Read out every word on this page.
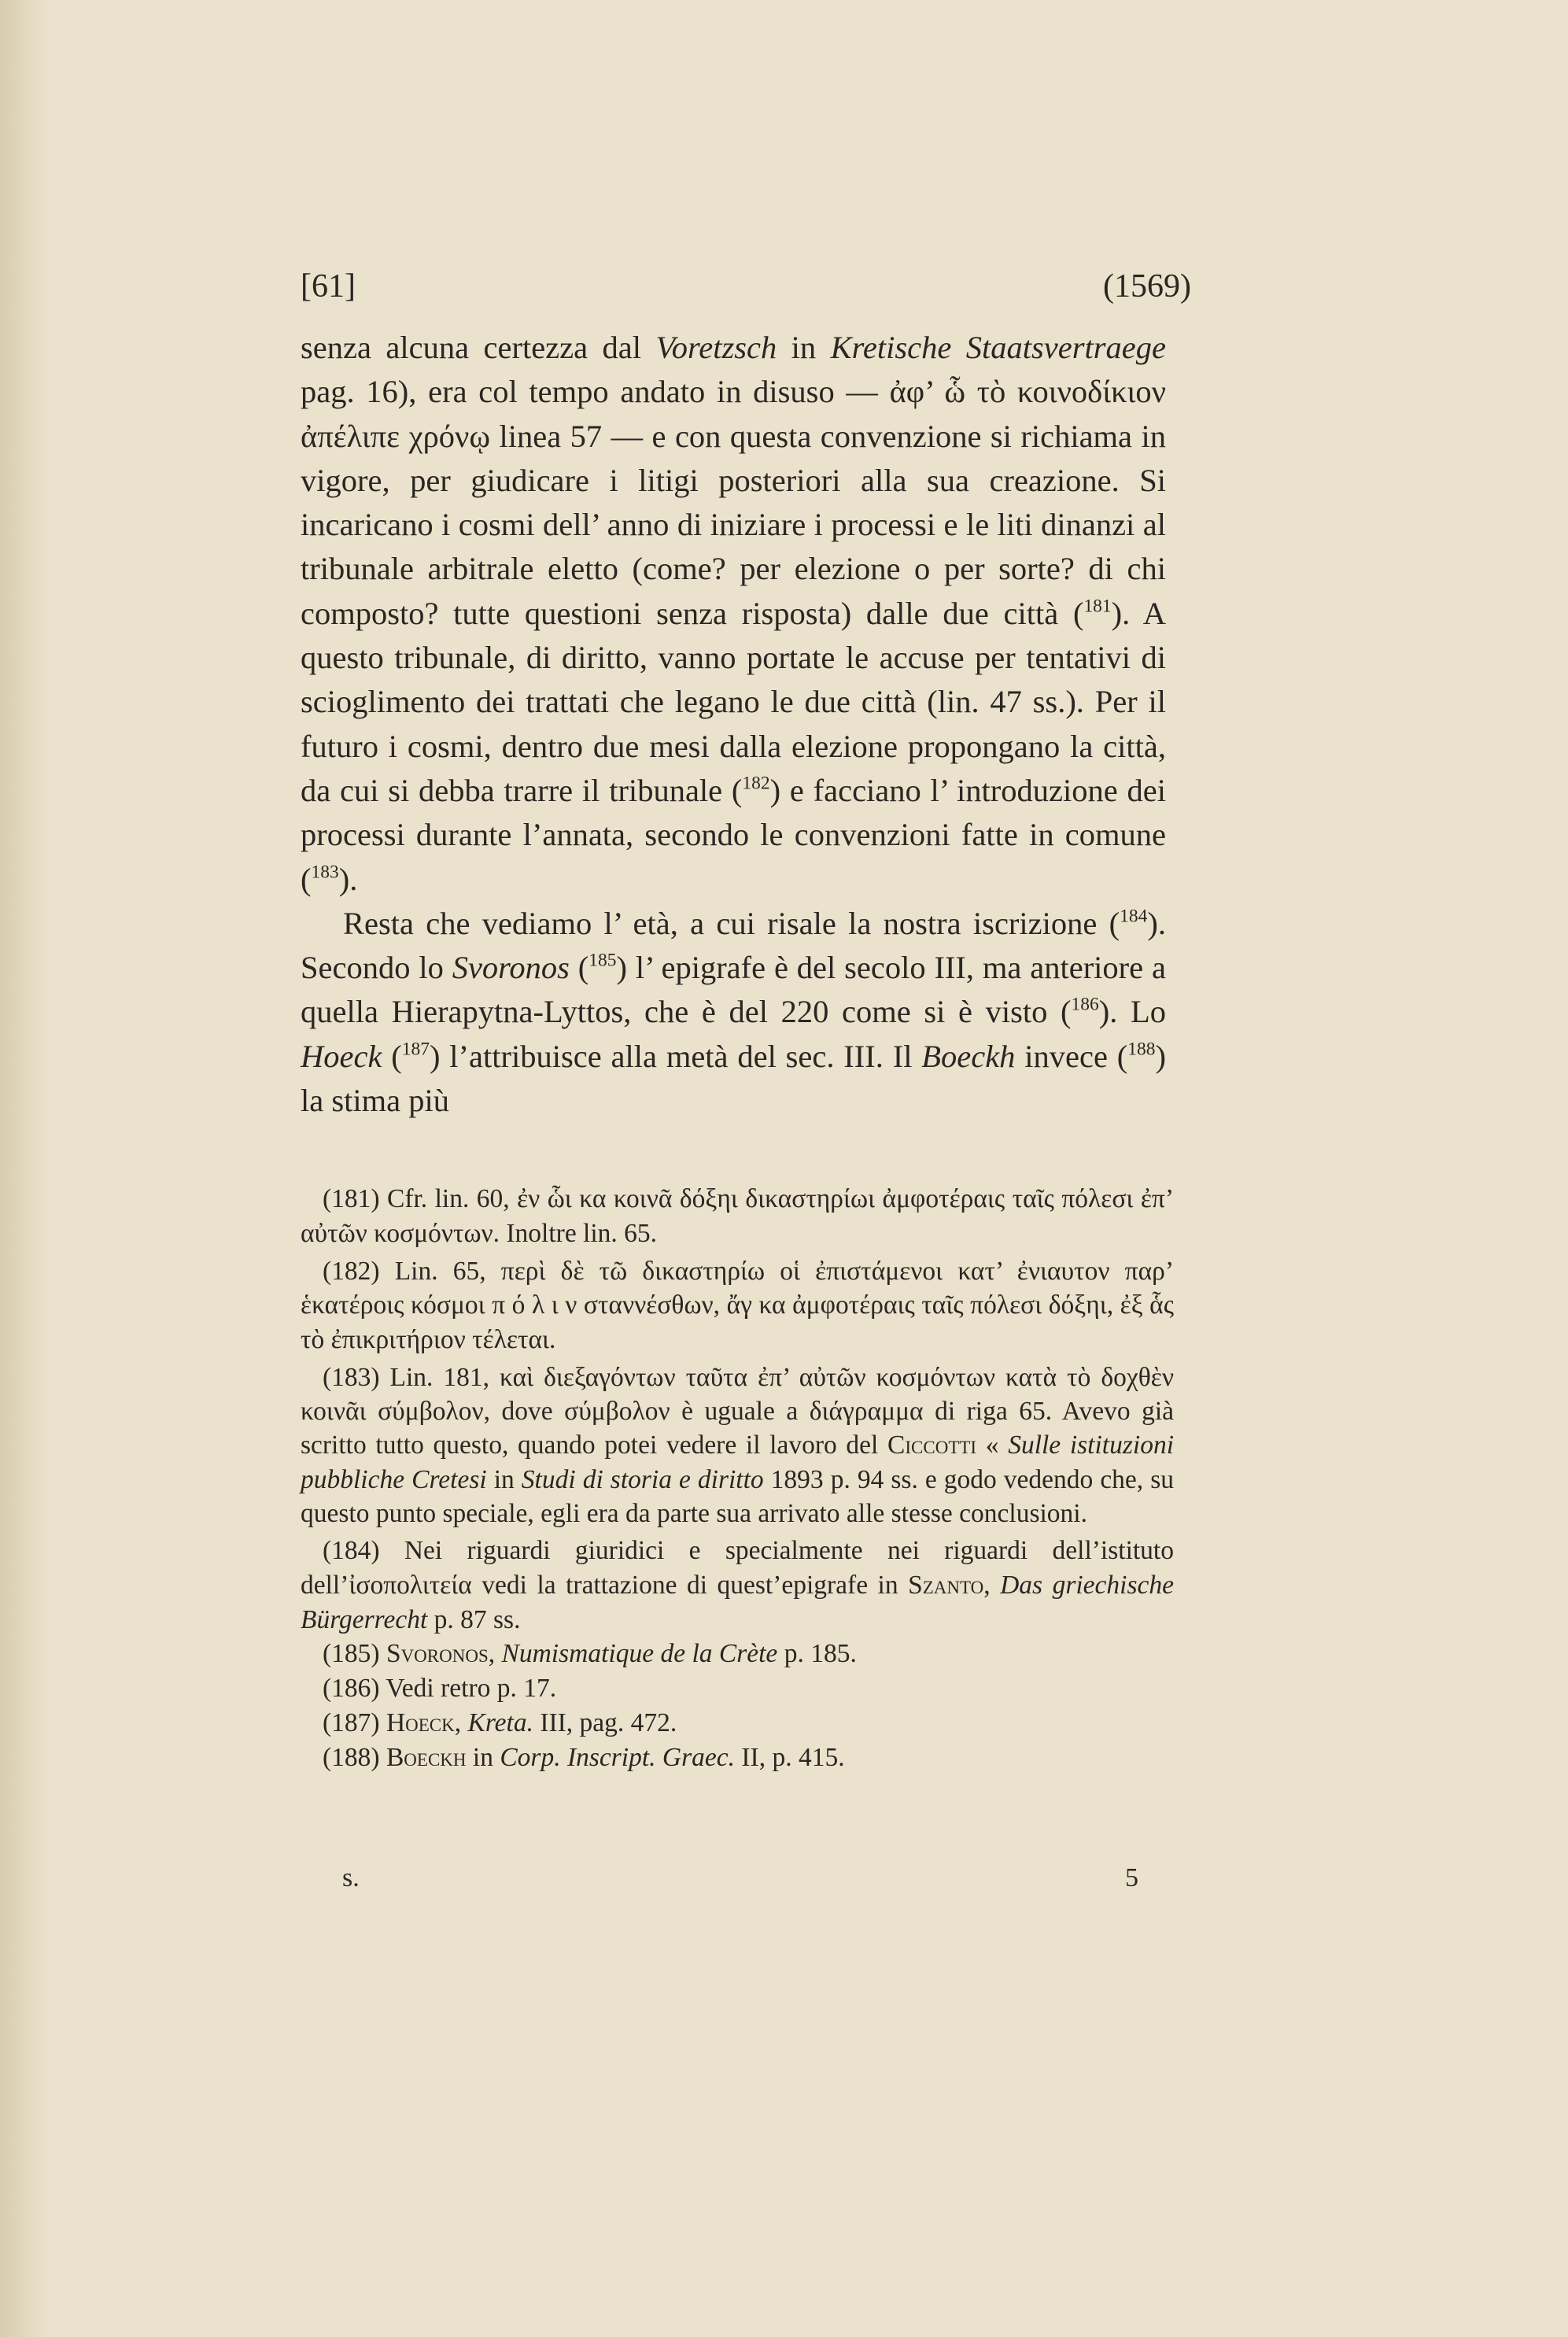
[61]	(1569)

senza alcuna certezza dal Voretzsch in Kretische Staatsvertraege pag. 16), era col tempo andato in disuso — ἀφ’ ὧ τὸ κοινοδίκιον ἀπέλιπε χρόνῳ linea 57 — e con questa convenzione si richiama in vigore, per giudicare i litigi posteriori alla sua creazione. Si incaricano i cosmi dell’ anno di iniziare i processi e le liti dinanzi al tribunale arbitrale eletto (come? per elezione o per sorte? di chi composto? tutte questioni senza risposta) dalle due città ($^{181}$). A questo tribunale, di diritto, vanno portate le accuse per tentativi di scioglimento dei trattati che legano le due città (lin. 47 ss.). Per il futuro i cosmi, dentro due mesi dalla elezione propongano la città, da cui si debba trarre il tribunale ($^{182}$) e facciano l’ introduzione dei processi durante l’annata, secondo le convenzioni fatte in comune ($^{183}$).

Resta che vediamo l’ età, a cui risale la nostra iscrizione ($^{184}$). Secondo lo Svoronos ($^{185}$) l’ epigrafe è del secolo III, ma anteriore a quella Hierapytna-Lyttos, che è del 220 come si è visto ($^{186}$). Lo Hoeck ($^{187}$) l’attribuisce alla metà del sec. III. Il Boeckh invece ($^{188}$) la stima più

(181) Cfr. lin. 60, ἐν ὧι κα κοινᾶ δόξηι δικαστηρίωι ἀμφοτέραις ταῖς πόλεσι ἐπ’ αὐτῶν κοσμόντων. Inoltre lin. 65.

(182) Lin. 65, περὶ δὲ τῶ δικαστηρίω οἱ ἐπιστάμενοι κατ’ ἐνιαυτον παρ’ ἑκατέροις κόσμοι π ό λ ι ν σταννέσθων, ἄγ κα ἀμφοτέραις ταῖς πόλεσι δόξηι, ἐξ ἇς τὸ ἐπικριτήριον τέλεται.

(183) Lin. 181, καὶ διεξαγόντων ταῦτα ἐπ’ αὐτῶν κοσμόντων κατὰ τὸ δοχθὲν κοινᾶι σύμβολον, dove σύμβολον è uguale a διάγραμμα di riga 65. Avevo già scritto tutto questo, quando potei vedere il lavoro del Ciccotti « Sulle istituzioni pubbliche Cretesi in Studi di storia e diritto 1893 p. 94 ss. e godo vedendo che, su questo punto speciale, egli era da parte sua arrivato alle stesse conclusioni.

(184) Nei riguardi giuridici e specialmente nei riguardi dell’istituto dell’ἰσοπολιτεία vedi la trattazione di quest’epigrafe in Szanto, Das griechische Bürgerrecht p. 87 ss.

(185) Svoronos, Numismatique de la Crète p. 185.

(186) Vedi retro p. 17.

(187) Hoeck, Kreta. III, pag. 472.

(188) Boeckh in Corp. Inscript. Graec. II, p. 415.

s.	5
